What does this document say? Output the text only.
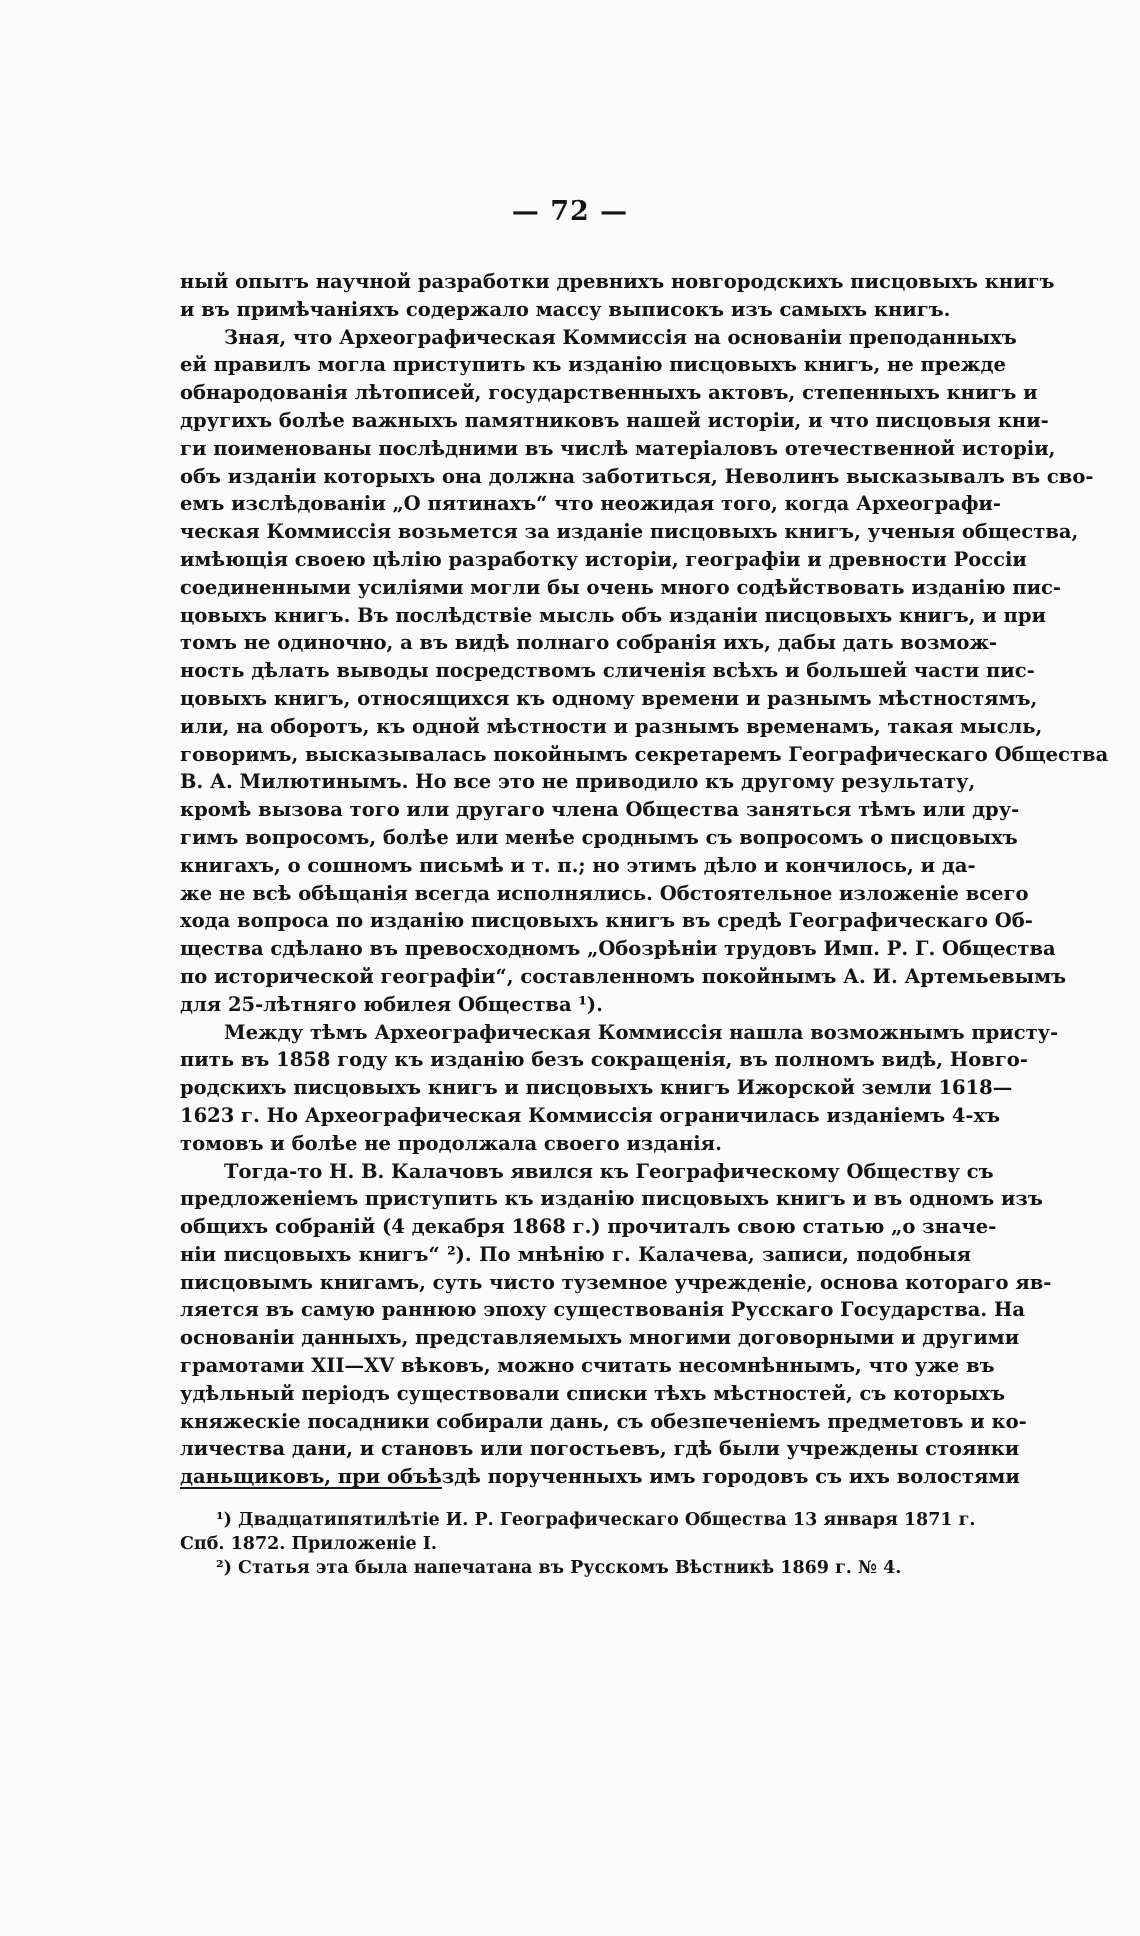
— 72 —
ный опытъ научной разработки древнихъ новгородскихъ писцовыхъ книгъ
и въ примѣчаніяхъ содержало массу выписокъ изъ самыхъ книгъ.
Зная, что Археографическая Коммиссія на основаніи преподанныхъ
ей правилъ могла приступить къ изданію писцовыхъ книгъ, не прежде
обнародованія лѣтописей, государственныхъ актовъ, степенныхъ книгъ и
другихъ болѣе важныхъ памятниковъ нашей исторіи, и что писцовыя кни-
ги поименованы послѣдними въ числѣ матеріаловъ отечественной исторіи,
объ изданіи которыхъ она должна заботиться, Неволинъ высказывалъ въ сво-
емъ изслѣдованіи „О пятинахъ“ что неожидая того, когда Археографи-
ческая Коммиссія возьмется за изданіе писцовыхъ книгъ, ученыя общества,
имѣющія своею цѣлію разработку исторіи, географіи и древности Россіи
соединенными усиліями могли бы очень много содѣйствовать изданію пис-
цовыхъ книгъ. Въ послѣдствіе мысль объ изданіи писцовыхъ книгъ, и при
томъ не одиночно, а въ видѣ полнаго собранія ихъ, дабы дать возмож-
ность дѣлать выводы посредствомъ сличенія всѣхъ и большей части пис-
цовыхъ книгъ, относящихся къ одному времени и разнымъ мѣстностямъ,
или, на оборотъ, къ одной мѣстности и разнымъ временамъ, такая мысль,
говоримъ, высказывалась покойнымъ секретаремъ Географическаго Общества
В. А. Милютинымъ. Но все это не приводило къ другому результату,
кромѣ вызова того или другаго члена Общества заняться тѣмъ или дру-
гимъ вопросомъ, болѣе или менѣе сроднымъ съ вопросомъ о писцовыхъ
книгахъ, о сошномъ письмѣ и т. п.; но этимъ дѣло и кончилось, и да-
же не всѣ обѣщанія всегда исполнялись. Обстоятельное изложеніе всего
хода вопроса по изданію писцовыхъ книгъ въ средѣ Географическаго Об-
щества сдѣлано въ превосходномъ „Обозрѣніи трудовъ Имп. Р. Г. Общества
по исторической географіи“, составленномъ покойнымъ А. И. Артемьевымъ
для 25-лѣтняго юбилея Общества ¹).
Между тѣмъ Археографическая Коммиссія нашла возможнымъ присту-
пить въ 1858 году къ изданію безъ сокращенія, въ полномъ видѣ, Новго-
родскихъ писцовыхъ книгъ и писцовыхъ книгъ Ижорской земли 1618—
1623 г. Но Археографическая Коммиссія ограничилась изданіемъ 4-хъ
томовъ и болѣе не продолжала своего изданія.
Тогда-то Н. В. Калачовъ явился къ Географическому Обществу съ
предложеніемъ приступить къ изданію писцовыхъ книгъ и въ одномъ изъ
общихъ собраній (4 декабря 1868 г.) прочиталъ свою статью „о значе-
ніи писцовыхъ книгъ“ ²). По мнѣнію г. Калачева, записи, подобныя
писцовымъ книгамъ, суть чисто туземное учрежденіе, основа котораго яв-
ляется въ самую раннюю эпоху существованія Русскаго Государства. На
основаніи данныхъ, представляемыхъ многими договорными и другими
грамотами XII—XV вѣковъ, можно считать несомнѣннымъ, что уже въ
удѣльный періодъ существовали списки тѣхъ мѣстностей, съ которыхъ
княжескіе посадники собирали дань, съ обезпеченіемъ предметовъ и ко-
личества дани, и становъ или погостьевъ, гдѣ были учреждены стоянки
даньщиковъ, при объѣздѣ порученныхъ имъ городовъ съ ихъ волостями
¹) Двадцатипятилѣтіе И. Р. Географическаго Общества 13 января 1871 г.
Спб. 1872. Приложеніе I.
²) Статья эта была напечатана въ Русскомъ Вѣстникѣ 1869 г. № 4.
